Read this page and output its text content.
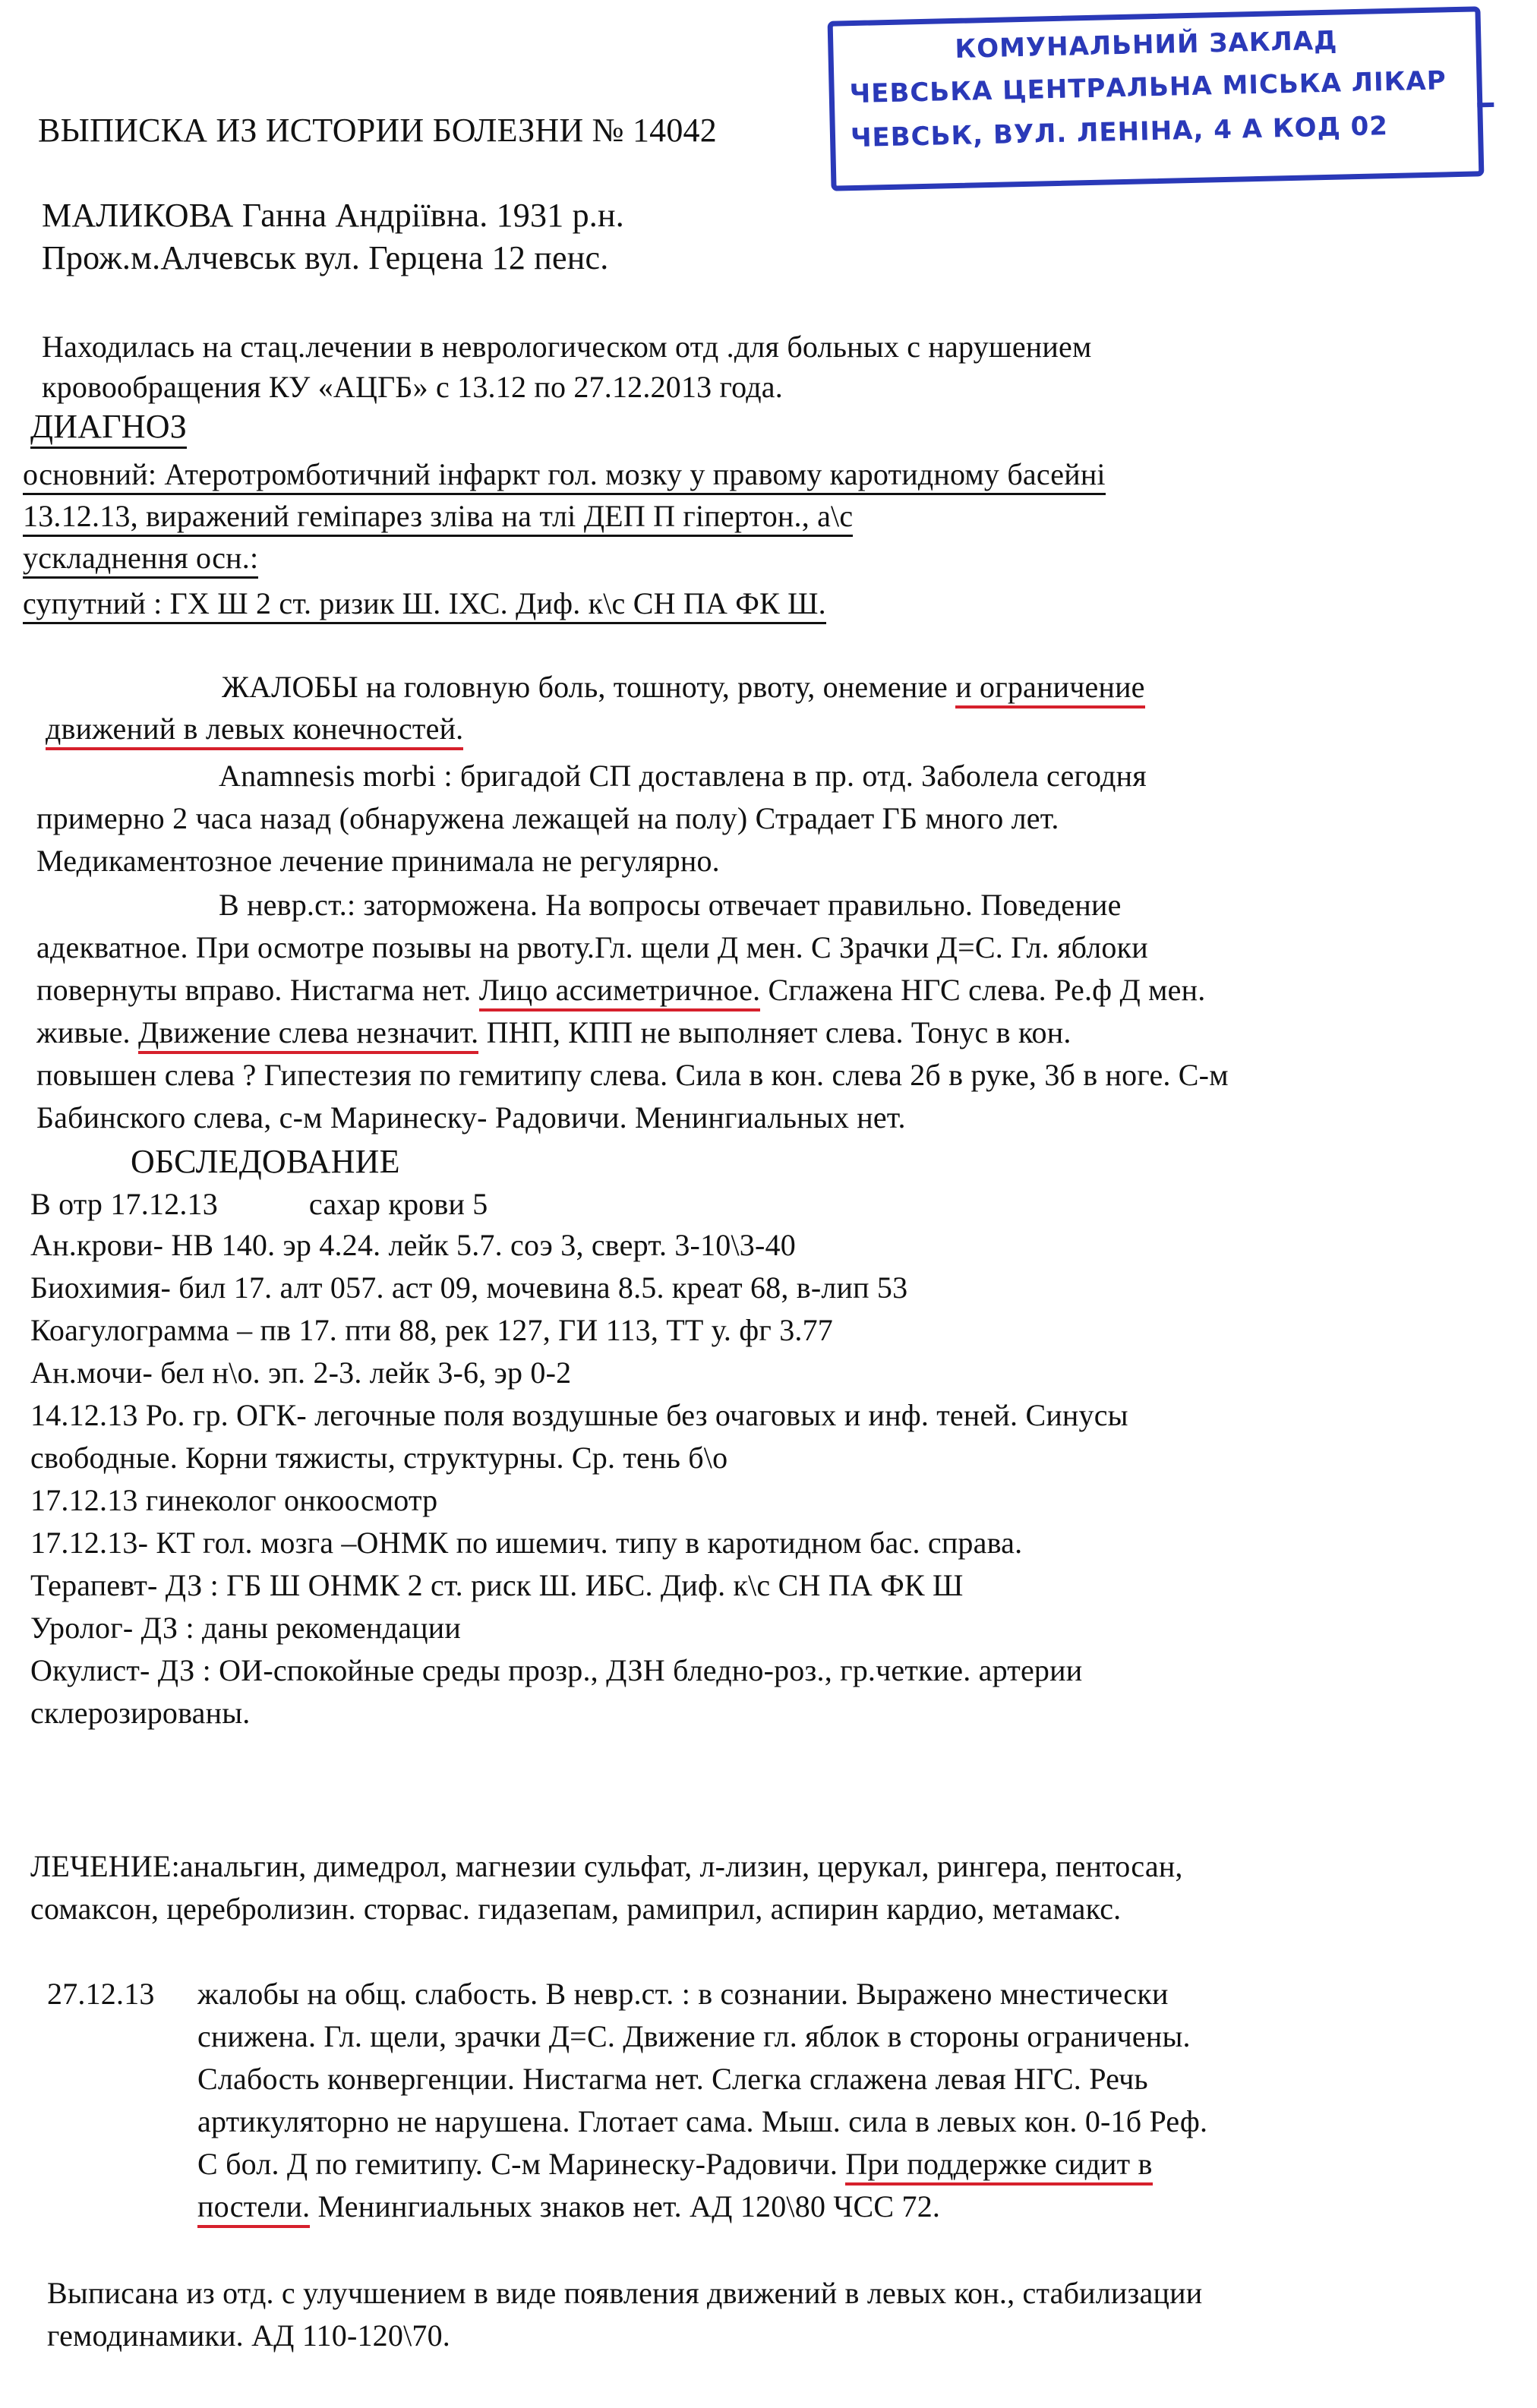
КОМУНАЛЬНИЙ ЗАКЛАД
ЧЕВСЬКА ЦЕНТРАЛЬНА МІСЬКА ЛІКАР
ЧЕВСЬК, ВУЛ. ЛЕНІНА, 4 А КОД 02
ВЫПИСКА ИЗ ИСТОРИИ БОЛЕЗНИ № 14042
МАЛИКОВА Ганна Андріївна. 1931 р.н.
Прож.м.Алчевськ вул. Герцена 12 пенс.
Находилась на стац.лечении в неврологическом отд .для больных с нарушением
кровообращения КУ «АЦГБ» с 13.12 по 27.12.2013 года.
ДИАГНОЗ
основний: Атеротромботичний інфаркт гол. мозку у правому каротидному басейні
13.12.13, виражений геміпарез зліва на тлі ДЕП П гіпертон., а\с
ускладнення осн.:
супутний : ГХ Ш 2 ст. ризик Ш. ІХС. Диф. к\с СН ПА ФК Ш.
ЖАЛОБЫ на головную боль, тошноту, рвоту, онемение и ограничение
движений в левых конечностей.
Anamnesis morbi : бригадой СП доставлена в пр. отд. Заболела сегодня
примерно 2 часа назад (обнаружена лежащей на полу) Страдает ГБ много лет.
Медикаментозное лечение принимала не регулярно.
В невр.ст.: заторможена. На вопросы отвечает правильно. Поведение
адекватное. При осмотре позывы на рвоту.Гл. щели Д мен. С Зрачки Д=С. Гл. яблоки
повернуты вправо. Нистагма нет. Лицо ассиметричное. Сглажена НГС слева. Ре.ф Д мен.
живые. Движение слева незначит. ПНП, КПП не выполняет слева. Тонус в кон.
повышен слева ? Гипестезия по гемитипу слева. Сила в кон. слева 2б в руке, 3б в ноге. С-м
Бабинского слева, с-м Маринеску- Радовичи. Менингиальных нет.
ОБСЛЕДОВАНИЕ
В отр 17.12.13	сахар крови 5
Ан.крови- НВ 140. эр 4.24. лейк 5.7. соэ 3, сверт. 3-10\3-40
Биохимия- бил 17. алт 057. аст 09, мочевина 8.5. креат 68, в-лип 53
Коагулограмма – пв 17. пти 88, рек 127, ГИ 113, ТТ у. фг 3.77
Ан.мочи- бел н\о. эп. 2-3. лейк 3-6, эр 0-2
14.12.13 Ро. гр. ОГК- легочные поля воздушные без очаговых и инф. теней. Синусы
свободные. Корни тяжисты, структурны. Ср. тень б\о
17.12.13 гинеколог онкоосмотр
17.12.13- КТ гол. мозга –ОНМК по ишемич. типу в каротидном бас. справа.
Терапевт- ДЗ : ГБ Ш ОНМК 2 ст. риск Ш. ИБС. Диф. к\с СН ПА ФК Ш
Уролог- ДЗ : даны рекомендации
Окулист- ДЗ : ОИ-спокойные среды прозр., ДЗН бледно-роз., гр.четкие. артерии
склерозированы.
ЛЕЧЕНИЕ:анальгин, димедрол, магнезии сульфат, л-лизин, церукал, рингера, пентосан,
сомаксон, церебролизин. сторвас. гидазепам, рамиприл, аспирин кардио, метамакс.
27.12.13 жалобы на общ. слабость. В невр.ст. : в сознании. Выражено мнестически
снижена. Гл. щели, зрачки Д=С. Движение гл. яблок в стороны ограничены.
Слабость конвергенции. Нистагма нет. Слегка сглажена левая НГС. Речь
артикуляторно не нарушена. Глотает сама. Мыш. сила в левых кон. 0-1б Реф.
С бол. Д по гемитипу. С-м Маринеску-Радовичи. При поддержке сидит в
постели. Менингиальных знаков нет. АД 120\80 ЧСС 72.
Выписана из отд. с улучшением в виде появления движений в левых кон., стабилизации
гемодинамики. АД 110-120\70.
